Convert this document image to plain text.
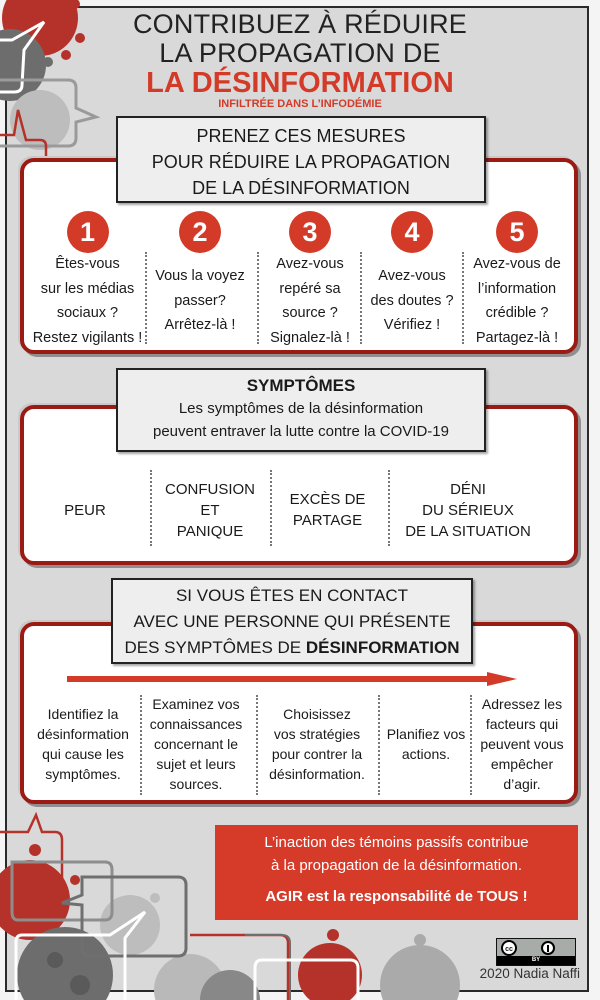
CONTRIBUEZ À RÉDUIRE
LA PROPAGATION DE
LA DÉSINFORMATION
INFILTRÉE DANS L’INFODÉMIE
PRENEZ CES MESURES
POUR RÉDUIRE LA PROPAGATION
DE LA DÉSINFORMATION
1
Êtes-vous
sur les médias
sociaux ?
Restez vigilants !
2
Vous la voyez
passer?
Arrêtez-là !
3
Avez-vous
repéré sa
source ?
Signalez-là !
4
Avez-vous
des doutes ?
Vérifiez !
5
Avez-vous de
l’information
crédible ?
Partagez-là !
SYMPTÔMES
Les symptômes de la désinformation
peuvent entraver la lutte contre la COVID-19
PEUR
CONFUSION
ET
PANIQUE
EXCÈS DE
PARTAGE
DÉNI
DU SÉRIEUX
DE LA SITUATION
SI VOUS ÊTES EN CONTACT
AVEC UNE PERSONNE QUI PRÉSENTE
DES SYMPTÔMES DE DÉSINFORMATION
Identifiez la
désinformation
qui cause les
symptômes.
Examinez vos
connaissances
concernant le
sujet et leurs
sources.
Choisissez
vos stratégies
pour contrer la
désinformation.
Planifiez vos
actions.
Adressez les
facteurs qui
peuvent vous
empêcher
d’agir.
L’inaction des témoins passifs contribue
à la propagation de la désinformation.
AGIR est la responsabilité de TOUS !
cc
BY
2020 Nadia Naffi
